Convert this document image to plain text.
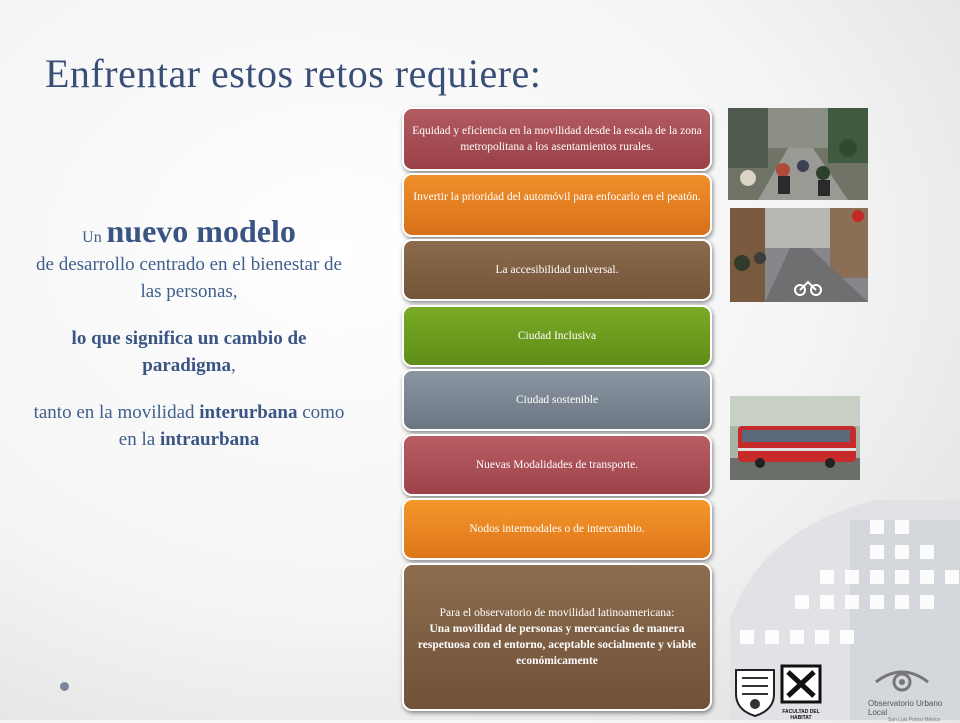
Enfrentar estos retos requiere:

Un nuevo modelo

de desarrollo centrado en el bienestar de las personas,

lo que significa un cambio de paradigma,

tanto en la movilidad interurbana como en la intraurbana

Equidad y eficiencia en la movilidad desde la escala de la zona metropolitana a los asentamientos rurales.
Invertir la prioridad del automóvil para enfocarlo en el peatón.
La accesibilidad universal.
Ciudad Inclusiva
Ciudad sostenible
Nuevas Modalidades de transporte.
Nodos intermodales o de intercambio.
Para el observatorio de movilidad latinoamericana:
Una movilidad de personas y mercancías de manera respetuosa con el entorno, aceptable socialmente y viable económicamente
FACULTAD DEL HABITAT
Observatorio Urbano Local
San Luis Potosí México
